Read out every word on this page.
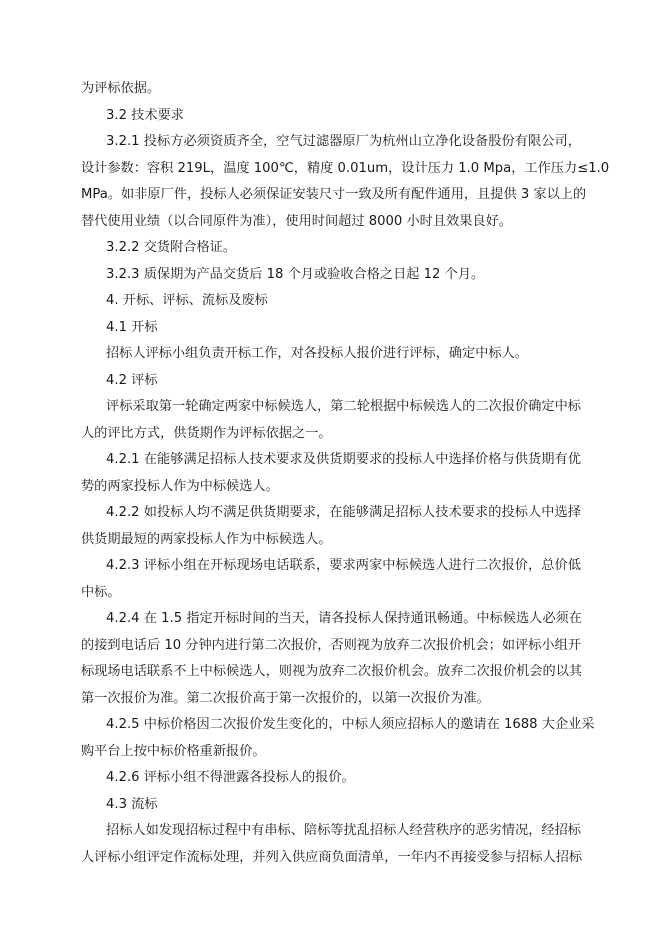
为评标依据。
3.2 技术要求
3.2.1 投标方必须资质齐全，空气过滤器原厂为杭州山立净化设备股份有限公司，
设计参数：容积 219L，温度 100℃，精度 0.01um，设计压力 1.0 Mpa，工作压力≤1.0
MPa。如非原厂件，投标人必须保证安装尺寸一致及所有配件通用，且提供 3 家以上的
替代使用业绩（以合同原件为准），使用时间超过 8000 小时且效果良好。
3.2.2 交货附合格证。
3.2.3 质保期为产品交货后 18 个月或验收合格之日起 12 个月。
4. 开标、评标、流标及废标
4.1 开标
招标人评标小组负责开标工作，对各投标人报价进行评标，确定中标人。
4.2 评标
评标采取第一轮确定两家中标候选人，第二轮根据中标候选人的二次报价确定中标
人的评比方式，供货期作为评标依据之一。
4.2.1 在能够满足招标人技术要求及供货期要求的投标人中选择价格与供货期有优
势的两家投标人作为中标候选人。
4.2.2 如投标人均不满足供货期要求，在能够满足招标人技术要求的投标人中选择
供货期最短的两家投标人作为中标候选人。
4.2.3 评标小组在开标现场电话联系，要求两家中标候选人进行二次报价，总价低
中标。
4.2.4 在 1.5 指定开标时间的当天，请各投标人保持通讯畅通。中标候选人必须在
的接到电话后 10 分钟内进行第二次报价，否则视为放弃二次报价机会；如评标小组开
标现场电话联系不上中标候选人，则视为放弃二次报价机会。放弃二次报价机会的以其
第一次报价为准。第二次报价高于第一次报价的，以第一次报价为准。
4.2.5 中标价格因二次报价发生变化的，中标人须应招标人的邀请在 1688 大企业采
购平台上按中标价格重新报价。
4.2.6 评标小组不得泄露各投标人的报价。
4.3 流标
招标人如发现招标过程中有串标、陪标等扰乱招标人经营秩序的恶劣情况，经招标
人评标小组评定作流标处理，并列入供应商负面清单，一年内不再接受参与招标人招标
